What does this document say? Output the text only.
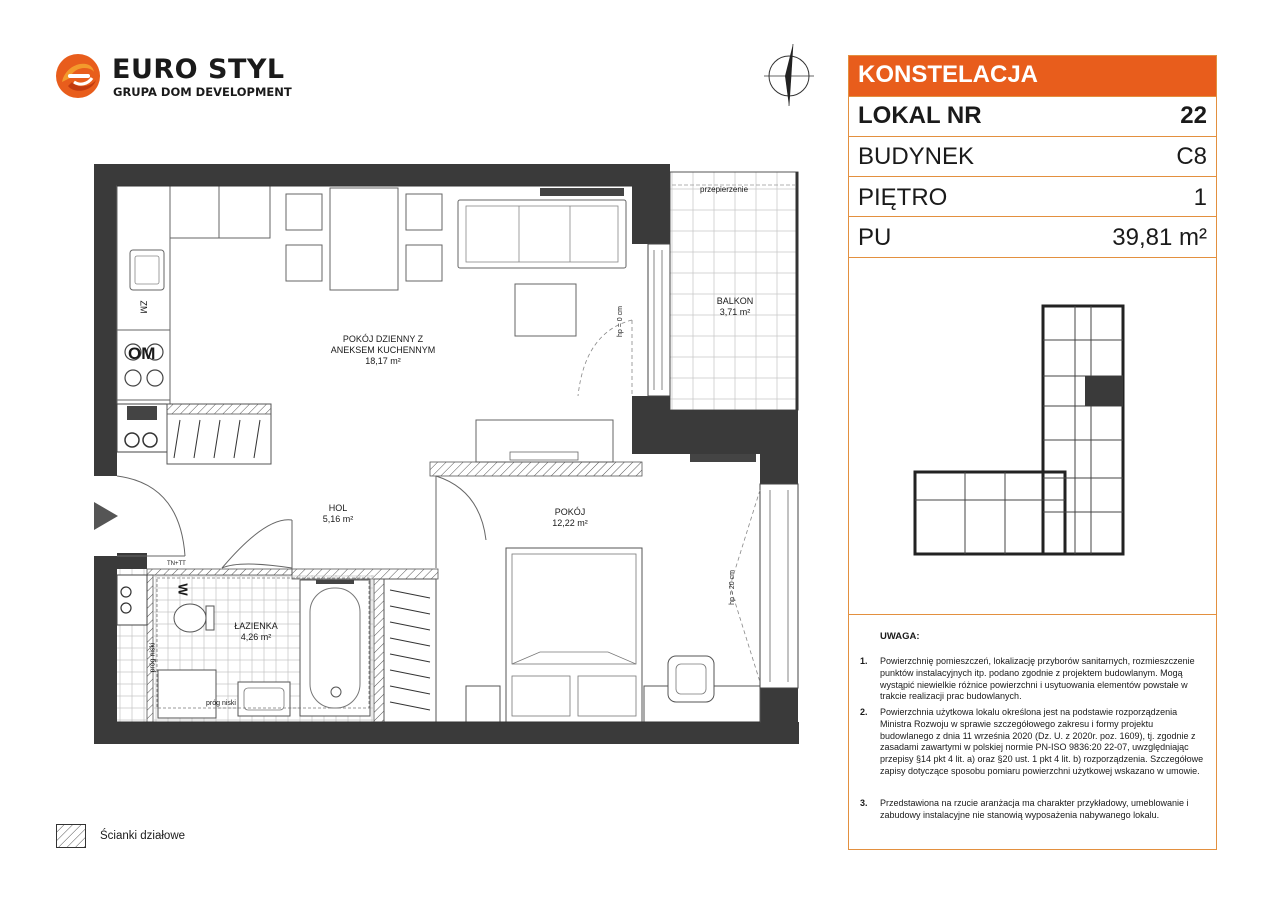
EURO STYL
GRUPA DOM DEVELOPMENT
POKÓJ DZIENNY Z
ANEKSEM KUCHENNYM
18,17 m²
HOL
5,16 m²
POKÓJ
12,22 m²
ŁAZIENKA
4,26 m²
BALKON
3,71 m²
przepierzenie
ZM
OM
W
TN+TT
hp = 0 cm
hp = 20 cm
próg niski
próg niski
KONSTELACJA
LOKAL NR	22
BUDYNEK	C8
PIĘTRO	1
PU	39,81 m²
UWAGA:
1. Powierzchnię pomieszczeń, lokalizację przyborów sanitarnych, rozmieszczenie punktów instalacyjnych itp. podano zgodnie z projektem budowlanym. Mogą wystąpić niewielkie różnice powierzchni i usytuowania elementów powstałe w trakcie realizacji prac budowlanych.
2. Powierzchnia użytkowa lokalu określona jest na podstawie rozporządzenia Ministra Rozwoju w sprawie szczegółowego zakresu i formy projektu budowlanego z dnia 11 września 2020 (Dz. U. z 2020r. poz. 1609), tj. zgodnie z zasadami zawartymi w polskiej normie PN-ISO 9836:20 22-07, uwzględniając przepisy §14 pkt 4 lit. a) oraz §20 ust. 1 pkt 4 lit. b) rozporządzenia. Szczegółowe zapisy dotyczące sposobu pomiaru powierzchni użytkowej wskazano w umowie.
3. Przedstawiona na rzucie aranżacja ma charakter przykładowy, umeblowanie i zabudowy instalacyjne nie stanowią wyposażenia nabywanego lokalu.
Ścianki działowe
